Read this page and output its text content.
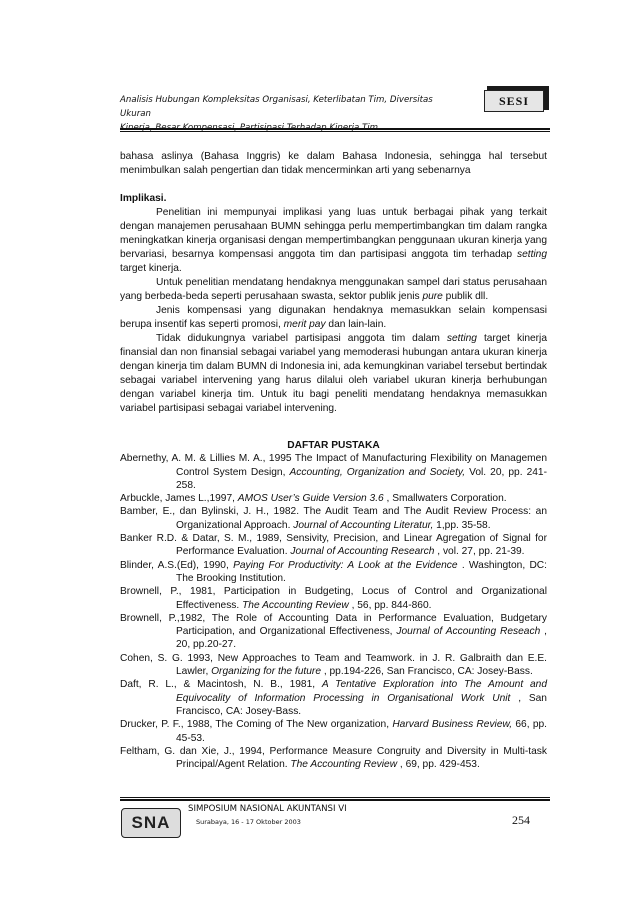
Analisis Hubungan Kompleksitas Organisasi, Keterlibatan Tim, Diversitas Ukuran
Kinerja, Besar Kompensasi, Partisipasi Terhadap Kinerja Tim
SESI

bahasa aslinya (Bahasa Inggris) ke dalam Bahasa Indonesia, sehingga hal tersebut menimbulkan salah pengertian dan tidak mencerminkan arti yang sebenarnya

Implikasi.

Penelitian ini mempunyai implikasi yang luas untuk berbagai pihak yang terkait dengan manajemen perusahaan BUMN sehingga perlu mempertimbangkan tim dalam rangka meningkatkan kinerja organisasi dengan mempertimbangkan penggunaan ukuran kinerja yang bervariasi, besarnya kompensasi anggota tim dan partisipasi anggota tim terhadap setting target kinerja.

Untuk penelitian mendatang hendaknya menggunakan sampel dari status perusahaan yang berbeda-beda seperti perusahaan swasta, sektor publik jenis pure publik dll.

Jenis kompensasi yang digunakan hendaknya memasukkan selain kompensasi berupa insentif kas seperti promosi, merit pay dan lain-lain.

Tidak didukungnya variabel partisipasi anggota tim dalam setting target kinerja finansial dan non finansial sebagai variabel yang memoderasi hubungan antara ukuran kinerja dengan kinerja tim dalam BUMN di Indonesia ini, ada kemungkinan variabel tersebut bertindak sebagai variabel intervening yang harus dilalui oleh variabel ukuran kinerja berhubungan dengan variabel kinerja tim. Untuk itu bagi peneliti mendatang hendaknya memasukkan variabel partisipasi sebagai variabel intervening.

DAFTAR PUSTAKA

Abernethy, A. M. & Lillies M. A., 1995 The Impact of Manufacturing Flexibility on Managemen Control System Design, Accounting, Organization and Society, Vol. 20, pp. 241-258.

Arbuckle, James L.,1997, AMOS User’s Guide Version 3.6 , Smallwaters Corporation.

Bamber, E., dan Bylinski, J. H., 1982. The Audit Team and The Audit Review Process: an Organizational Approach. Journal of Accounting Literatur, 1,pp. 35-58.

Banker R.D. & Datar, S. M., 1989, Sensivity, Precision, and Linear Agregation of Signal for Performance Evaluation. Journal of Accounting Research , vol. 27, pp. 21-39.

Blinder, A.S.(Ed), 1990, Paying For Productivity: A Look at the Evidence . Washington, DC: The Brooking Institution.

Brownell, P., 1981, Participation in Budgeting, Locus of Control and Organizational Effectiveness. The Accounting Review , 56, pp. 844-860.

Brownell, P.,1982, The Role of Accounting Data in Performance Evaluation, Budgetary Participation, and Organizational Effectiveness, Journal of Accounting Reseach , 20, pp.20-27.

Cohen, S. G. 1993, New Approaches to Team and Teamwork. in J. R. Galbraith dan E.E. Lawler, Organizing for the future , pp.194-226, San Francisco, CA: Josey-Bass.

Daft, R. L., & Macintosh, N. B., 1981, A Tentative Exploration into The Amount and Equivocality of Information Processing in Organisational Work Unit , San Francisco, CA: Josey-Bass.

Drucker, P. F., 1988, The Coming of The New organization, Harvard Business Review, 66, pp. 45-53.

Feltham, G. dan Xie, J., 1994, Performance Measure Congruity and Diversity in Multi-task Principal/Agent Relation. The Accounting Review , 69, pp. 429-453.

SNA
SIMPOSIUM NASIONAL AKUNTANSI VI
Surabaya, 16 - 17 Oktober 2003	254
